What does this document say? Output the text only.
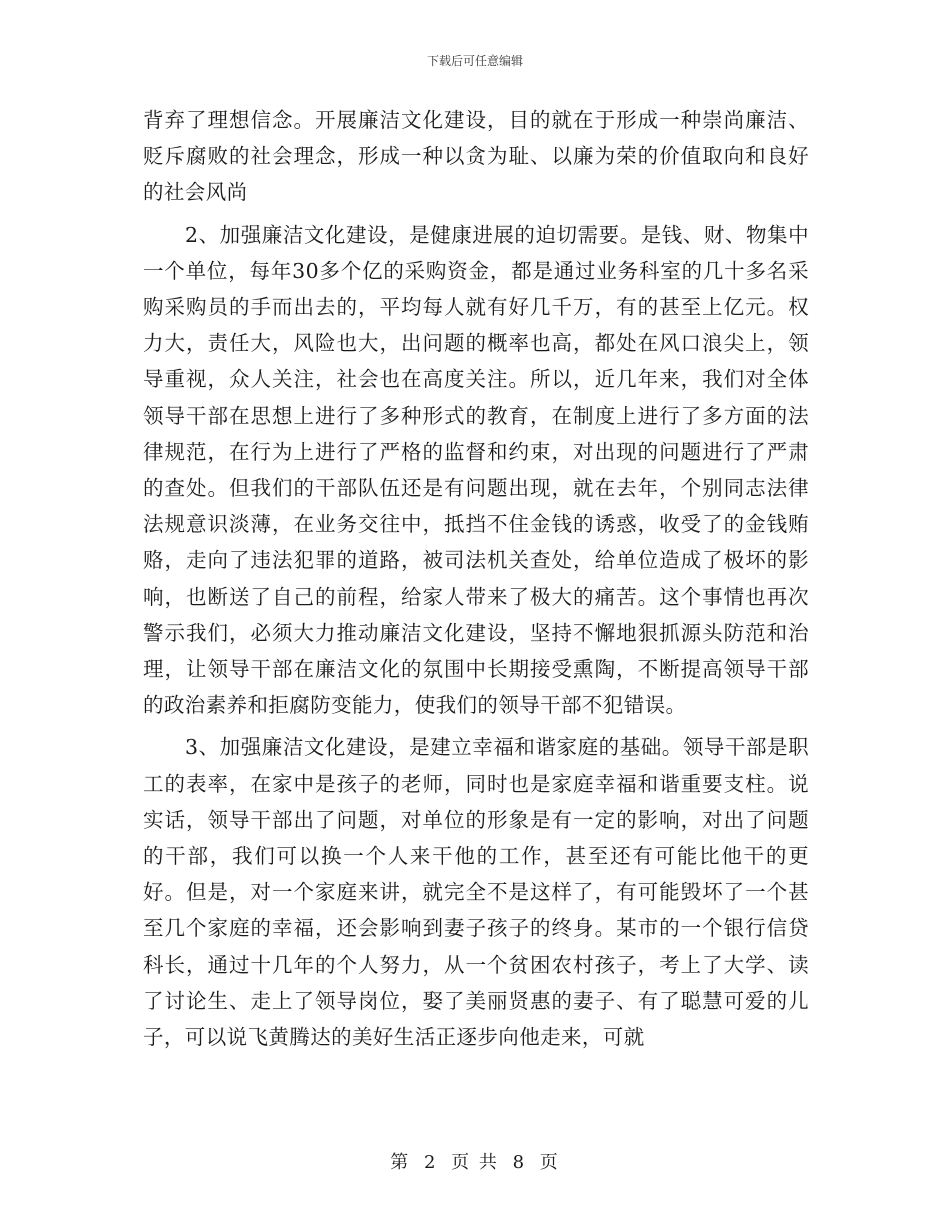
下载后可任意编辑

背弃了理想信念。开展廉洁文化建设，目的就在于形成一种崇尚廉洁、贬斥腐败的社会理念，形成一种以贪为耻、以廉为荣的价值取向和良好的社会风尚

2、加强廉洁文化建设，是健康进展的迫切需要。是钱、财、物集中一个单位，每年30多个亿的采购资金，都是通过业务科室的几十多名采购采购员的手而出去的，平均每人就有好几千万，有的甚至上亿元。权力大，责任大，风险也大，出问题的概率也高，都处在风口浪尖上，领导重视，众人关注，社会也在高度关注。所以，近几年来，我们对全体领导干部在思想上进行了多种形式的教育，在制度上进行了多方面的法律规范，在行为上进行了严格的监督和约束，对出现的问题进行了严肃的查处。但我们的干部队伍还是有问题出现，就在去年，个别同志法律法规意识淡薄，在业务交往中，抵挡不住金钱的诱惑，收受了的金钱贿赂，走向了违法犯罪的道路，被司法机关查处，给单位造成了极坏的影响，也断送了自己的前程，给家人带来了极大的痛苦。这个事情也再次警示我们，必须大力推动廉洁文化建设，坚持不懈地狠抓源头防范和治理，让领导干部在廉洁文化的氛围中长期接受熏陶，不断提高领导干部的政治素养和拒腐防变能力，使我们的领导干部不犯错误。

3、加强廉洁文化建设，是建立幸福和谐家庭的基础。领导干部是职工的表率，在家中是孩子的老师，同时也是家庭幸福和谐重要支柱。说实话，领导干部出了问题，对单位的形象是有一定的影响，对出了问题的干部，我们可以换一个人来干他的工作，甚至还有可能比他干的更好。但是，对一个家庭来讲，就完全不是这样了，有可能毁坏了一个甚至几个家庭的幸福，还会影响到妻子孩子的终身。某市的一个银行信贷科长，通过十几年的个人努力，从一个贫困农村孩子，考上了大学、读了讨论生、走上了领导岗位，娶了美丽贤惠的妻子、有了聪慧可爱的儿子，可以说飞黄腾达的美好生活正逐步向他走来，可就

第 2 页 共 8 页
